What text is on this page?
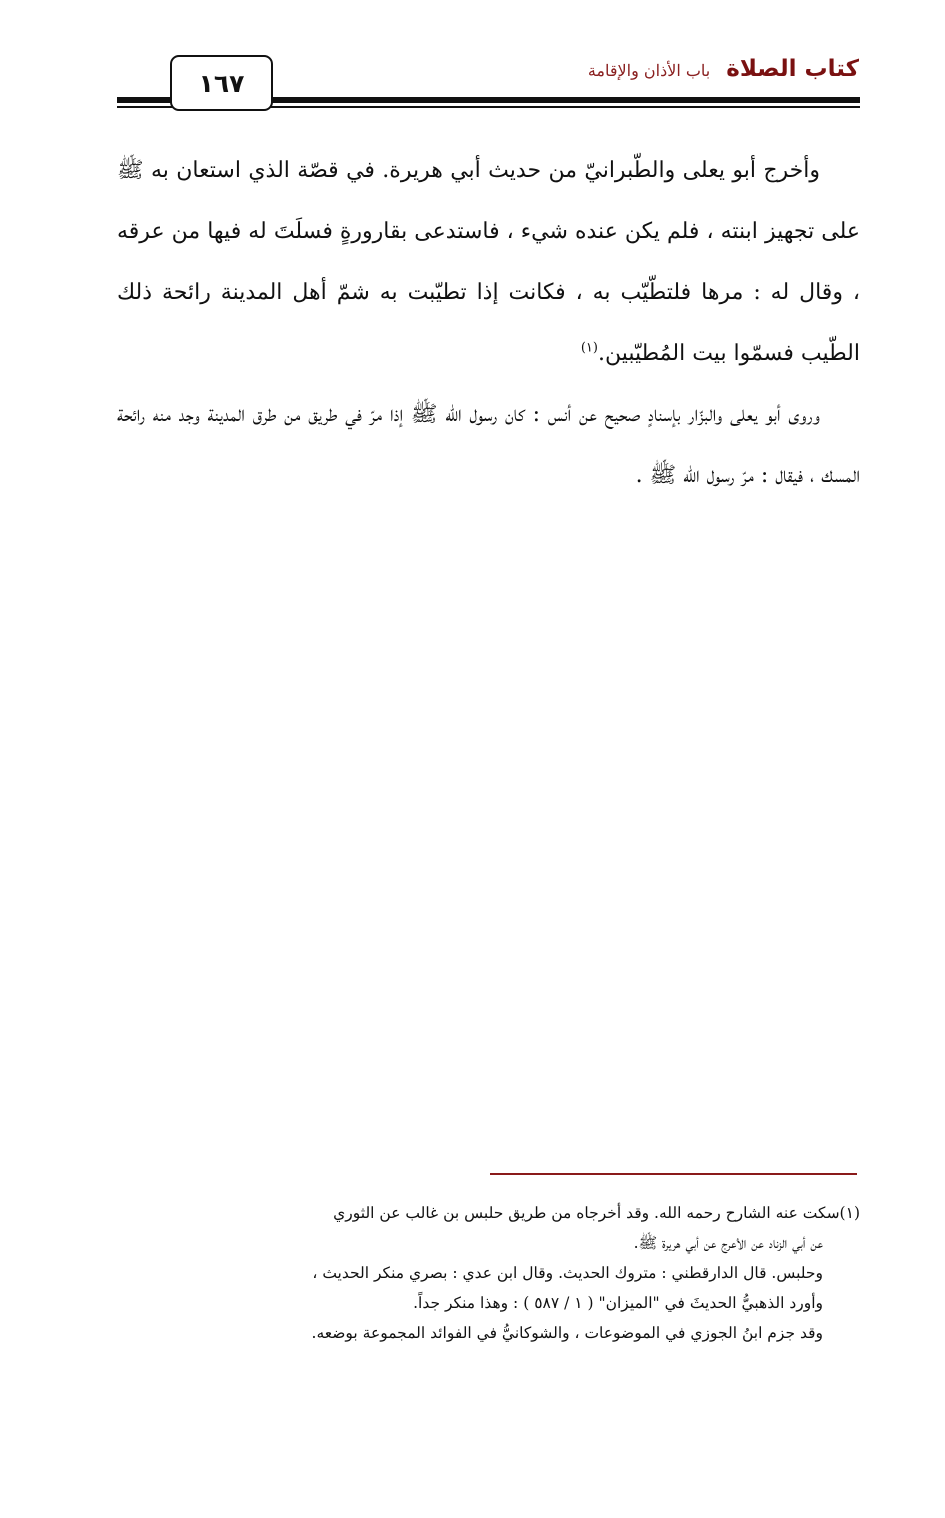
١٦٧	كتاب الصلاة
باب الأذان والإقامة

وأخرج أبو يعلى والطّبرانيّ من حديث أبي هريرة. في قصّة الذي استعان به ﷺ على تجهيز ابنته ، فلم يكن عنده شيء ، فاستدعى بقارورةٍ فسلَتَ له فيها من عرقه ، وقال له : مرها فلتطّيّب به ، فكانت إذا تطيّبت به شمّ أهل المدينة رائحة ذلك الطّيب فسمّوا بيت المُطيّبين.$^{(١)}$

وروى أبو يعلى والبزّار بإسنادٍ صحيح عن أنس : كان رسول الله ﷺ إذا مرّ في طريق من طرق المدينة وجد منه رائحة المسك ، فيقال : مرّ رسول الله ﷺ .

(١)سكت عنه الشارح رحمه الله. وقد أخرجاه من طريق حلبس بن غالب عن الثوري

عن أبي الزناد عن الأعرج عن أبي هريرة ﷺ.

وحلبس. قال الدارقطني : متروك الحديث. وقال ابن عدي : بصري منكر الحديث ،

وأورد الذهبيُّ الحديثَ في "الميزان" ( ١ / ٥٨٧ ) : وهذا منكر جداً.

وقد جزم ابنُ الجوزي في الموضوعات ، والشوكانيُّ في الفوائد المجموعة بوضعه.
